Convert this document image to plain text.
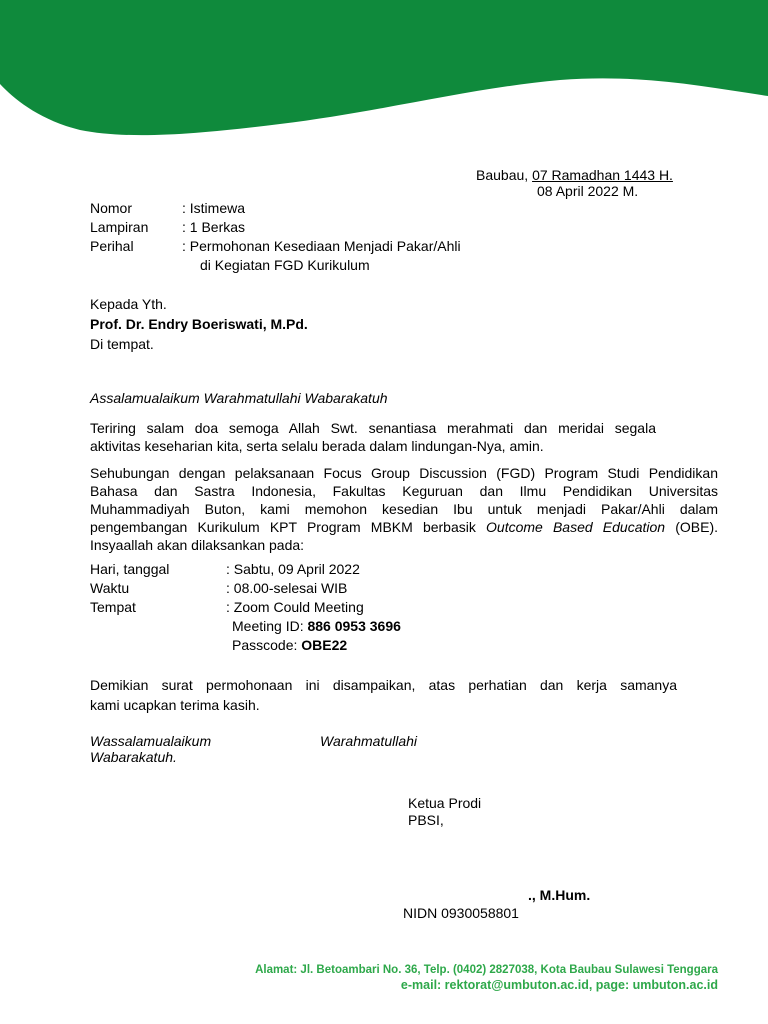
Baubau, 07 Ramadhan 1443 H.
08 April 2022 M.
Nomor	: Istimewa
Lampiran : 1 Berkas
Perihal	: Permohonan Kesediaan Menjadi Pakar/Ahli
di Kegiatan FGD Kurikulum
Kepada Yth.
Prof. Dr. Endry Boeriswati, M.Pd.
Di tempat.
Assalamualaikum Warahmatullahi Wabarakatuh
Teriring salam doa semoga Allah Swt. senantiasa merahmati dan meridai segala
aktivitas keseharian kita, serta selalu berada dalam lindungan-Nya, amin.
Sehubungan dengan pelaksanaan Focus Group Discussion (FGD) Program Studi Pendidikan
Bahasa dan Sastra Indonesia, Fakultas Keguruan dan Ilmu Pendidikan Universitas
Muhammadiyah Buton, kami memohon kesedian Ibu untuk menjadi Pakar/Ahli dalam
pengembangan Kurikulum KPT Program MBKM berbasik Outcome Based Education (OBE).
Insyaallah akan dilaksankan pada:
Hari, tanggal	: Sabtu, 09 April 2022
Waktu	: 08.00-selesai WIB
Tempat	: Zoom Could Meeting
Meeting ID: 886 0953 3696
Passcode: OBE22
Demikian surat permohonaan ini disampaikan, atas perhatian dan kerja samanya
kami ucapkan terima kasih.
Wassalamualaikum	Warahmatullahi
Wabarakatuh.
Ketua Prodi
PBSI,
., M.Hum.
NIDN 0930058801
Alamat: Jl. Betoambari No. 36, Telp. (0402) 2827038, Kota Baubau Sulawesi Tenggara
e-mail: rektorat@umbuton.ac.id, page: umbuton.ac.id
